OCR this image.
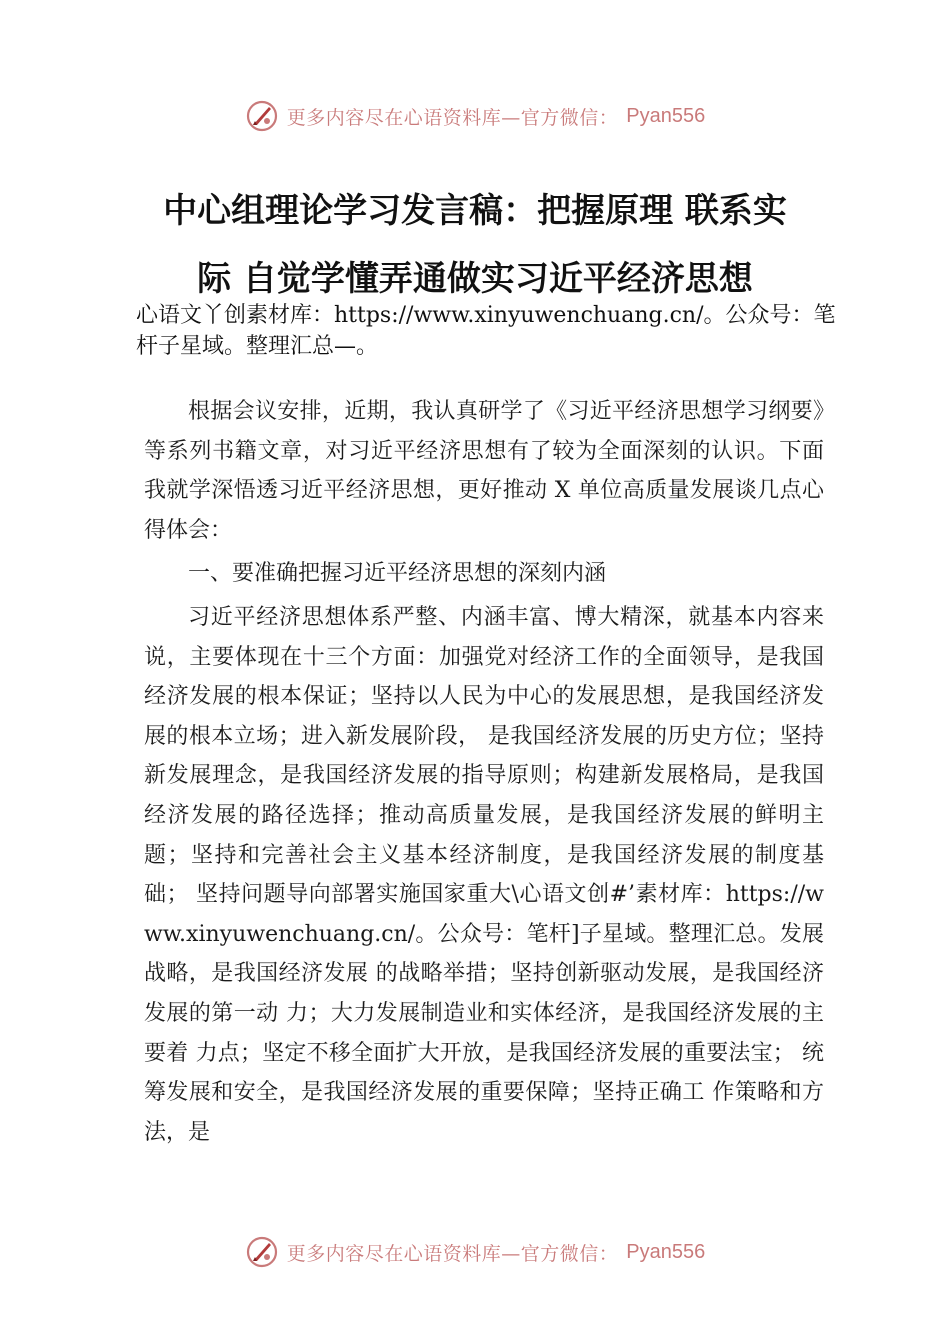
更多内容尽在心语资料库—官方微信： Pyan556
中心组理论学习发言稿：把握原理 联系实
际 自觉学懂弄通做实习近平经济思想

心语文丫创素材库：https://www.xinyuwenchuang.cn/。公众号：笔杆子星域。整理汇总—。

根据会议安排，近期，我认真研学了《习近平经济思想学习纲要》等系列书籍文章，对习近平经济思想有了较为全面深刻的认识。下面我就学深悟透习近平经济思想，更好推动 X 单位高质量发展谈几点心得体会：

一、要准确把握习近平经济思想的深刻内涵

习近平经济思想体系严整、内涵丰富、博大精深，就基本内容来说，主要体现在十三个方面：加强党对经济工作的全面领导，是我国经济发展的根本保证；坚持以人民为中心的发展思想，是我国经济发展的根本立场；进入新发展阶段， 是我国经济发展的历史方位；坚持新发展理念，是我国经济发展的指导原则；构建新发展格局，是我国经济发展的路径选择；推动高质量发展，是我国经济发展的鲜明主题；坚持和完善社会主义基本经济制度，是我国经济发展的制度基础； 坚持问题导向部署实施国家重大\心语文创#’素材库：https://www.xinyuwenchuang.cn/。公众号：笔杆]子星域。整理汇总。发展战略，是我国经济发展 的战略举措；坚持创新驱动发展，是我国经济发展的第一动 力；大力发展制造业和实体经济，是我国经济发展的主要着 力点；坚定不移全面扩大开放，是我国经济发展的重要法宝； 统筹发展和安全，是我国经济发展的重要保障；坚持正确工 作策略和方法，是

更多内容尽在心语资料库—官方微信： Pyan556
